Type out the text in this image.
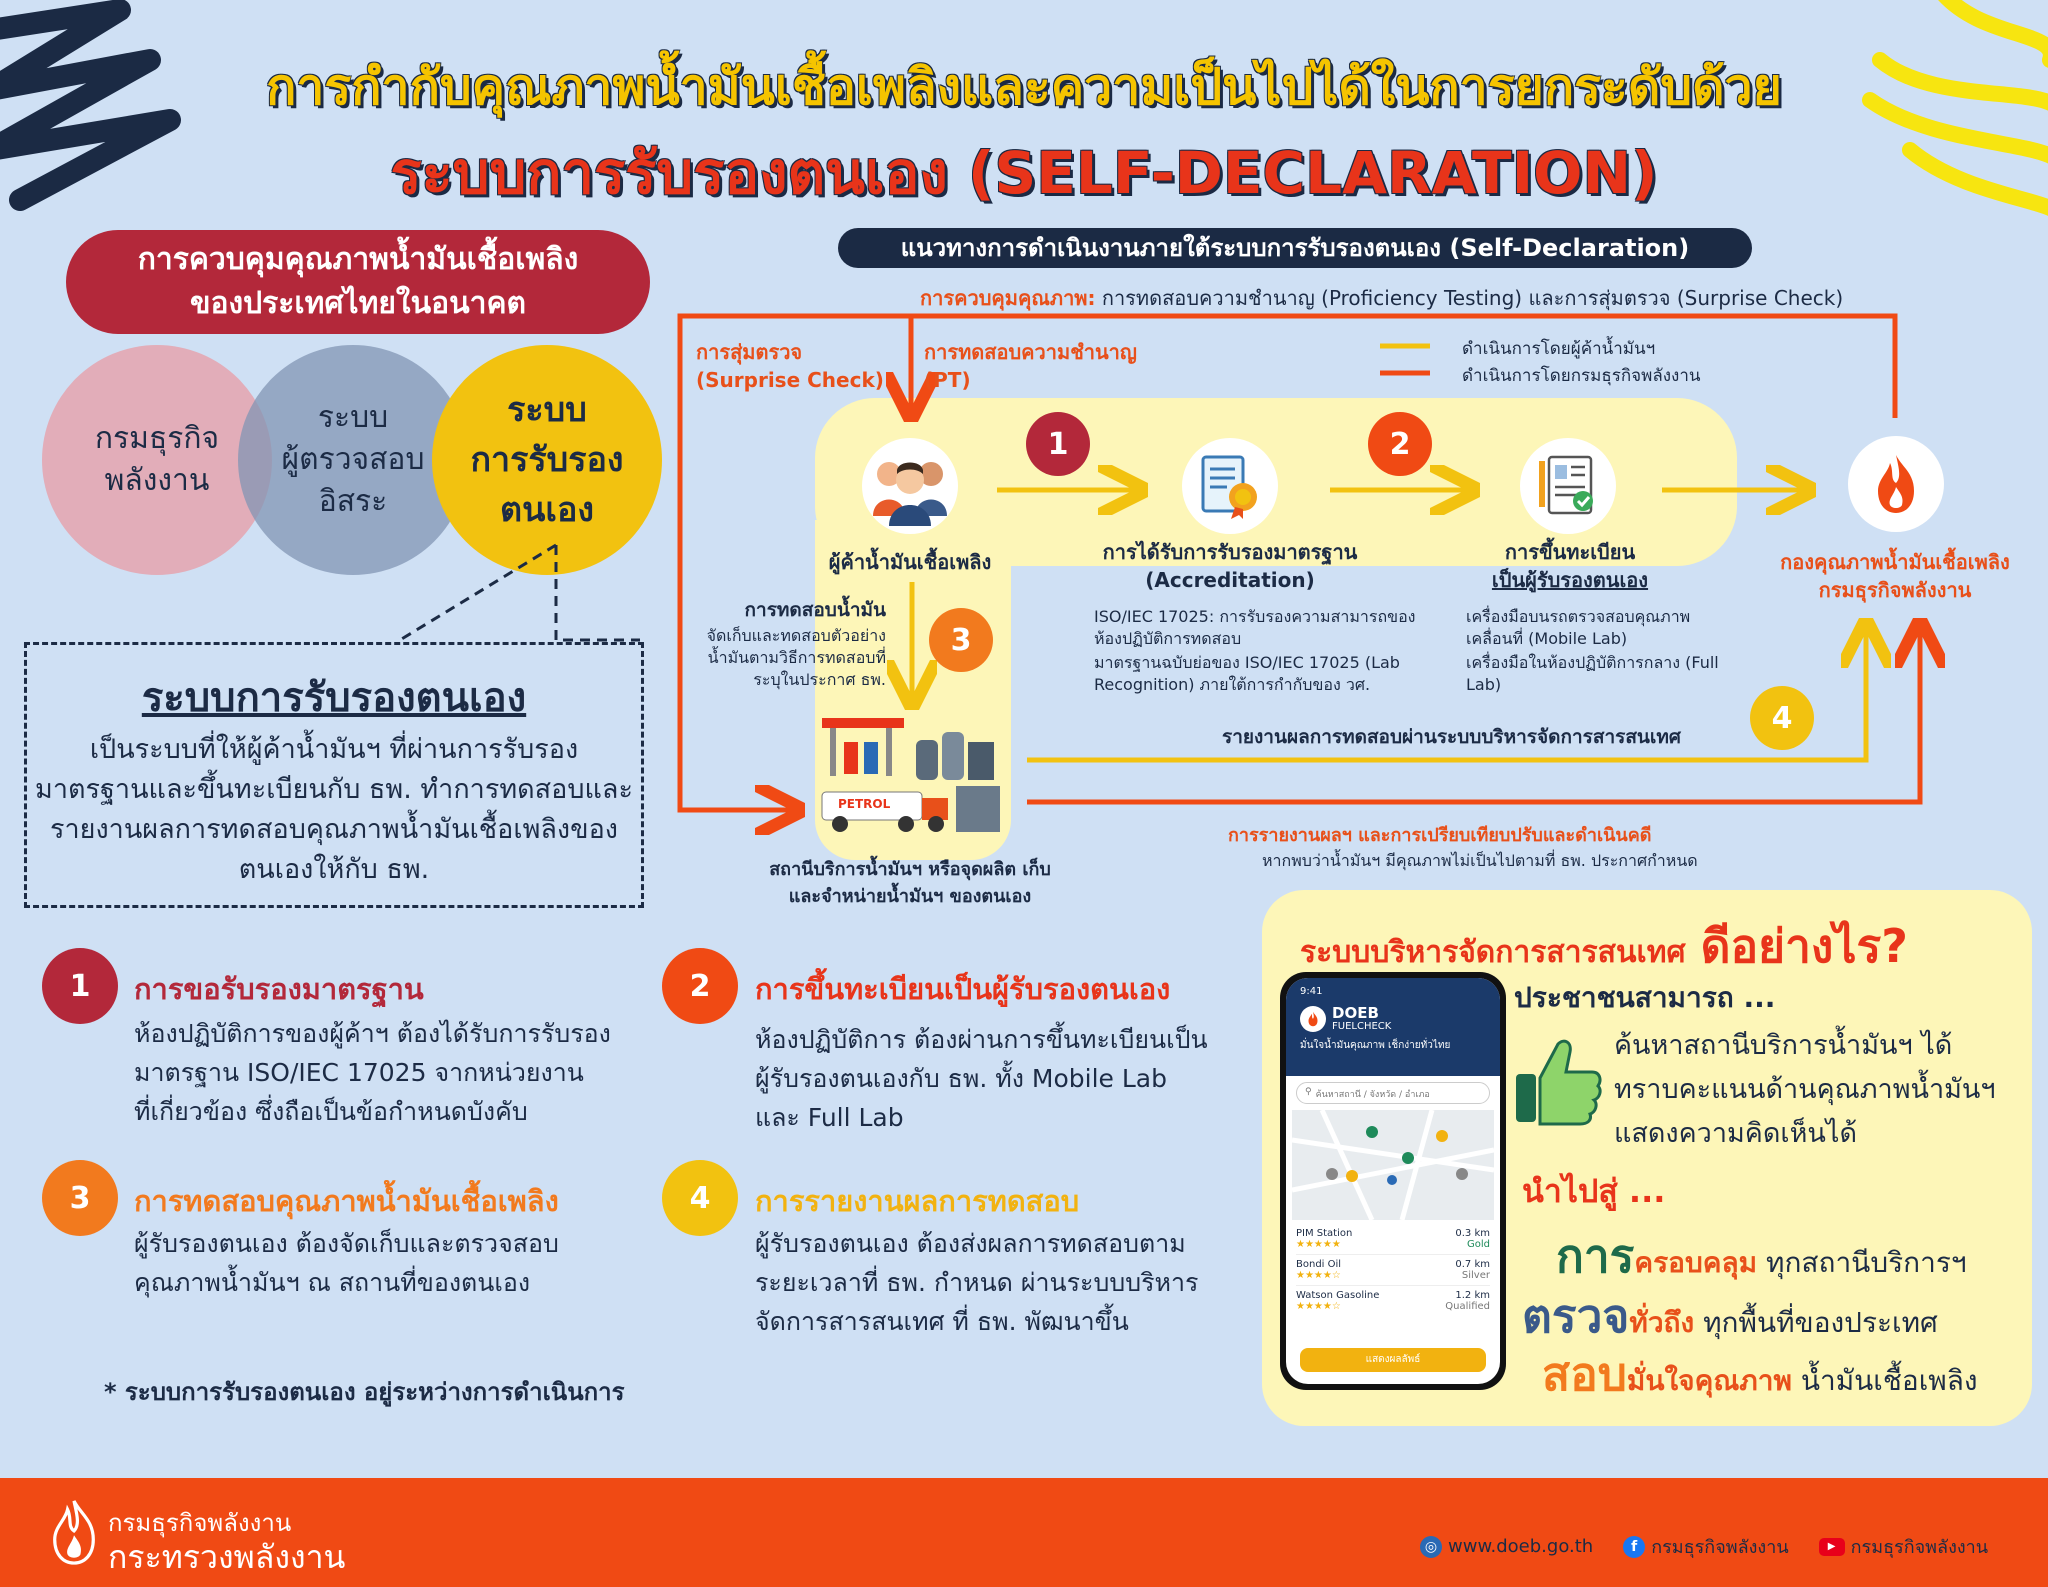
การกำกับคุณภาพน้ำมันเชื้อเพลิงและความเป็นไปได้ในการยกระดับด้วย
ระบบการรับรองตนเอง (SELF-DECLARATION)
การควบคุมคุณภาพน้ำมันเชื้อเพลิง
ของประเทศไทยในอนาคต
กรมธุรกิจ
พลังงาน
ระบบ
ผู้ตรวจสอบ
อิสระ
ระบบ
การรับรอง
ตนเอง
ระบบการรับรองตนเอง
เป็นระบบที่ให้ผู้ค้าน้ำมันฯ ที่ผ่านการรับรองมาตรฐานและขึ้นทะเบียนกับ ธพ. ทำการทดสอบและรายงานผลการทดสอบคุณภาพน้ำมันเชื้อเพลิงของตนเองให้กับ ธพ.
แนวทางการดำเนินงานภายใต้ระบบการรับรองตนเอง (Self-Declaration)
การควบคุมคุณภาพ: การทดสอบความชำนาญ (Proficiency Testing) และการสุ่มตรวจ (Surprise Check)
การสุ่มตรวจ
(Surprise Check)
การทดสอบความชำนาญ
(PT)
ดำเนินการโดยผู้ค้าน้ำมันฯ
ดำเนินการโดยกรมธุรกิจพลังงาน
ผู้ค้าน้ำมันเชื้อเพลิง
1	2
3
4
การได้รับการรับรองมาตรฐาน
(Accreditation)
การขึ้นทะเบียน
เป็นผู้รับรองตนเอง
กองคุณภาพน้ำมันเชื้อเพลิง
กรมธุรกิจพลังงาน
การทดสอบน้ำมัน
จัดเก็บและทดสอบตัวอย่างน้ำมันตามวิธีการทดสอบที่ระบุในประกาศ ธพ.
ISO/IEC 17025: การรับรองความสามารถของห้องปฏิบัติการทดสอบ
มาตรฐานฉบับย่อของ ISO/IEC 17025 (Lab Recognition) ภายใต้การกำกับของ วศ.
เครื่องมือบนรถตรวจสอบคุณภาพเคลื่อนที่ (Mobile Lab)
เครื่องมือในห้องปฏิบัติการกลาง (Full Lab)
PETROL
สถานีบริการน้ำมันฯ หรือจุดผลิต เก็บ
และจำหน่ายน้ำมันฯ ของตนเอง
รายงานผลการทดสอบผ่านระบบบริหารจัดการสารสนเทศ
การรายงานผลฯ และการเปรียบเทียบปรับและดำเนินคดี
หากพบว่าน้ำมันฯ มีคุณภาพไม่เป็นไปตามที่ ธพ. ประกาศกำหนด
1	การขอรับรองมาตรฐาน
ห้องปฏิบัติการของผู้ค้าฯ ต้องได้รับการรับรอง
มาตรฐาน ISO/IEC 17025 จากหน่วยงาน
ที่เกี่ยวข้อง ซึ่งถือเป็นข้อกำหนดบังคับ
2	การขึ้นทะเบียนเป็นผู้รับรองตนเอง
ห้องปฏิบัติการ ต้องผ่านการขึ้นทะเบียนเป็น
ผู้รับรองตนเองกับ ธพ. ทั้ง Mobile Lab
และ Full Lab
3	การทดสอบคุณภาพน้ำมันเชื้อเพลิง
ผู้รับรองตนเอง ต้องจัดเก็บและตรวจสอบ
คุณภาพน้ำมันฯ ณ สถานที่ของตนเอง
4	การรายงานผลการทดสอบ
ผู้รับรองตนเอง ต้องส่งผลการทดสอบตาม
ระยะเวลาที่ ธพ. กำหนด ผ่านระบบบริหาร
จัดการสารสนเทศ ที่ ธพ. พัฒนาขึ้น
* ระบบการรับรองตนเอง อยู่ระหว่างการดำเนินการ
ระบบบริหารจัดการสารสนเทศ ดีอย่างไร?
9:41
DOEB
FUELCHECK
มั่นใจน้ำมันคุณภาพ เช็กง่ายทั่วไทย
⚲ ค้นหาสถานี / จังหวัด / อำเภอ
PIM Station
★★★★★
0.3 km
Gold
Bondi Oil
★★★★☆
0.7 km
Silver
Watson Gasoline
★★★★☆
1.2 km
Qualified
แสดงผลลัพธ์
ประชาชนสามารถ ...
ค้นหาสถานีบริการน้ำมันฯ ได้
ทราบคะแนนด้านคุณภาพน้ำมันฯ
แสดงความคิดเห็นได้
นำไปสู่ ...
การครอบคลุม ทุกสถานีบริการฯ
ตรวจทั่วถึง ทุกพื้นที่ของประเทศ
สอบมั่นใจคุณภาพ น้ำมันเชื้อเพลิง
กรมธุรกิจพลังงาน
กระทรวงพลังงาน	◎ www.doeb.go.th	f กรมธุรกิจพลังงาน	▶ กรมธุรกิจพลังงาน
